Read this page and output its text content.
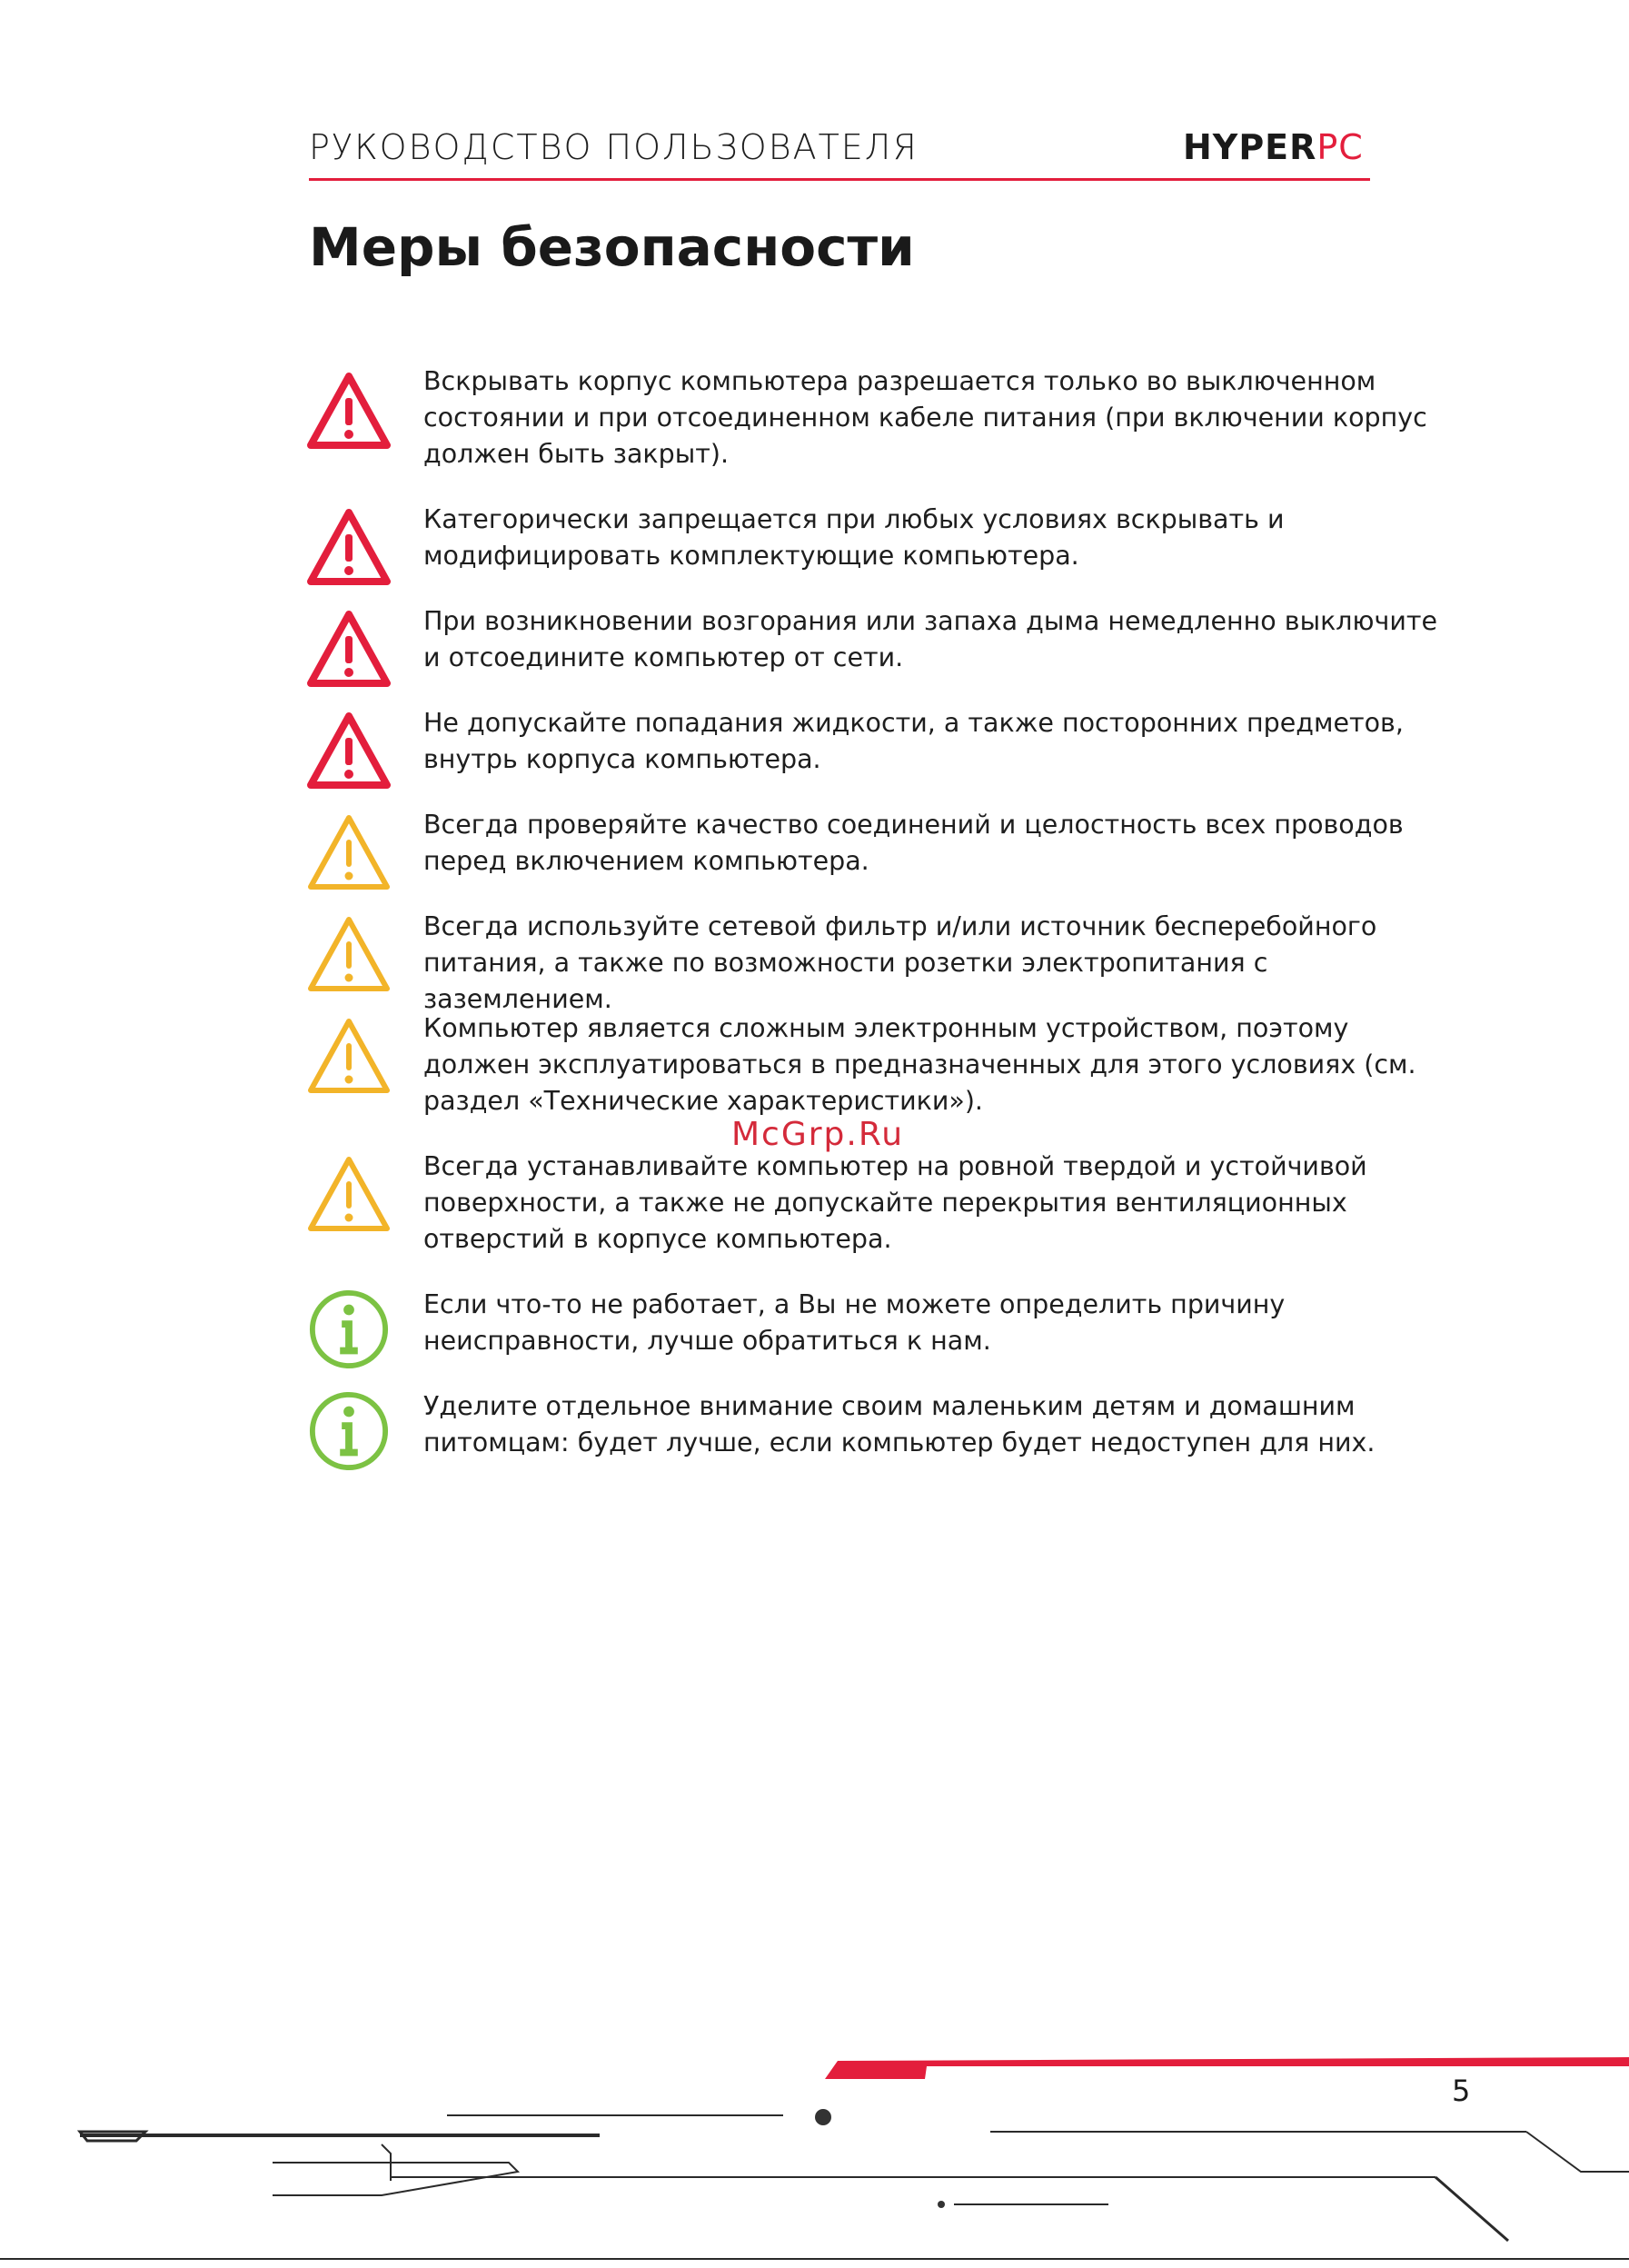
РУКОВОДСТВО ПОЛЬЗОВАТЕЛЯ	HYPERPC
Меры безопасности
Вскрывать корпус компьютера разрешается только во выключенном состоянии и при отсоединенном кабеле питания (при включении корпус должен быть закрыт).
Категорически запрещается при любых условиях вскрывать и модифицировать комплектующие компьютера.
При возникновении возгорания или запаха дыма немедленно выключите и отсоедините компьютер от сети.
Не допускайте попадания жидкости, а также посторонних предметов, внутрь корпуса компьютера.
Всегда проверяйте качество соединений и целостность всех проводов перед включением компьютера.
Всегда используйте сетевой фильтр и/или источник бесперебойного питания, а также по возможности розетки электропитания с заземлением.
Компьютер является сложным электронным устройством, поэтому должен эксплуатироваться в предназначенных для этого условиях (см. раздел «Технические характеристики»).
Всегда устанавливайте компьютер на ровной твердой и устойчивой поверхности, а также не допускайте перекрытия вентиляционных отверстий в корпусе компьютера.
Если что-то не работает, а Вы не можете определить причину неисправности, лучше обратиться к нам.
Уделите отдельное внимание своим маленьким детям и домашним питомцам: будет лучше, если компьютер будет недоступен для них.
McGrp.Ru
5
